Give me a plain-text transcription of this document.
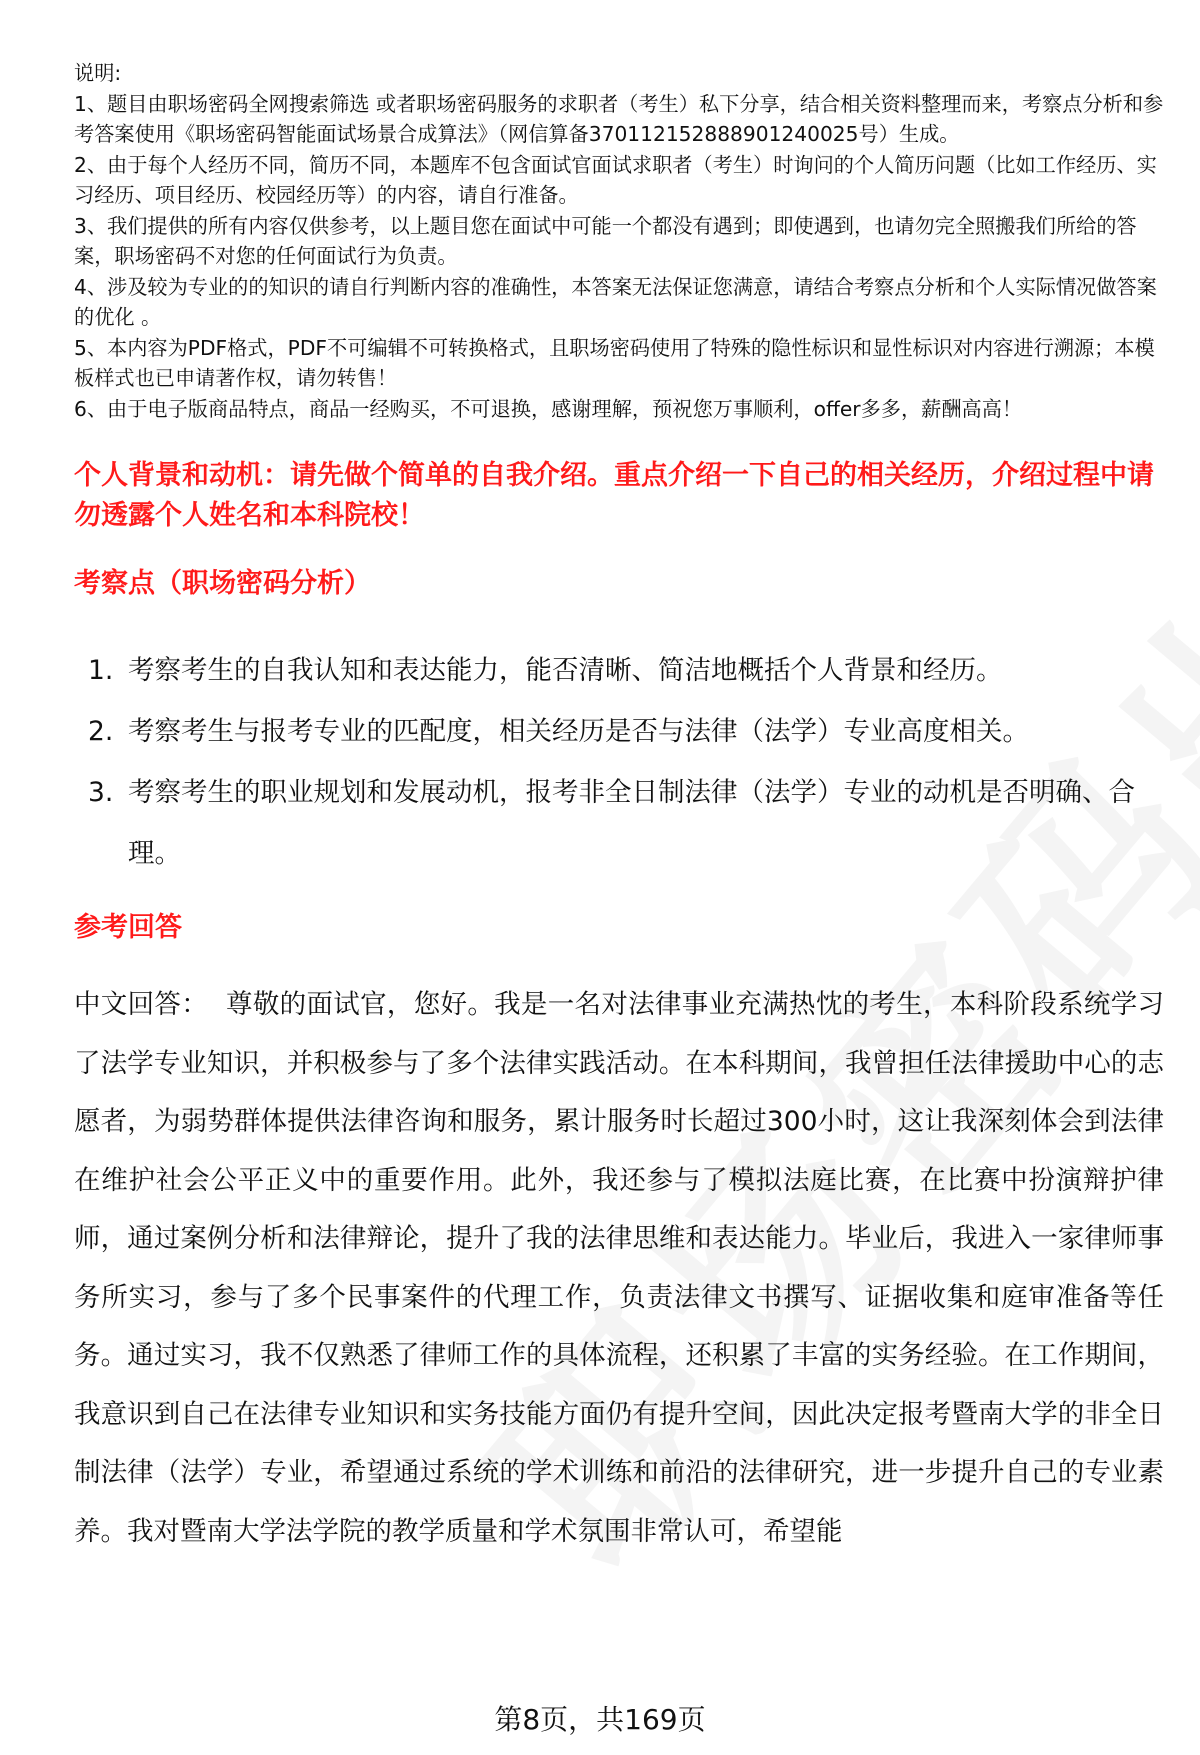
说明:

1、题目由职场密码全网搜索筛选 或者职场密码服务的求职者（考生）私下分享，结合相关资料整理而来，考察点分析和参考答案使用《职场密码智能面试场景合成算法》（网信算备370112152888901240025号）生成。

2、由于每个人经历不同，简历不同，本题库不包含面试官面试求职者（考生）时询问的个人简历问题（比如工作经历、实习经历、项目经历、校园经历等）的内容，请自行准备。

3、我们提供的所有内容仅供参考，以上题目您在面试中可能一个都没有遇到；即使遇到，也请勿完全照搬我们所给的答案，职场密码不对您的任何面试行为负责。

4、涉及较为专业的的知识的请自行判断内容的准确性，本答案无法保证您满意，请结合考察点分析和个人实际情况做答案的优化 。

5、本内容为PDF格式，PDF不可编辑不可转换格式，且职场密码使用了特殊的隐性标识和显性标识对内容进行溯源；本模板样式也已申请著作权，请勿转售！

6、由于电子版商品特点，商品一经购买，不可退换，感谢理解，预祝您万事顺利，offer多多，薪酬高高！

个人背景和动机：请先做个简单的自我介绍。重点介绍一下自己的相关经历，介绍过程中请勿透露个人姓名和本科院校！
考察点（职场密码分析）
1. 考察考生的自我认知和表达能力，能否清晰、简洁地概括个人背景和经历。
2. 考察考生与报考专业的匹配度，相关经历是否与法律（法学）专业高度相关。
3. 考察考生的职业规划和发展动机，报考非全日制法律（法学）专业的动机是否明确、合理。
参考回答

中文回答： 尊敬的面试官，您好。我是一名对法律事业充满热忱的考生，本科阶段系统学习了法学专业知识，并积极参与了多个法律实践活动。在本科期间，我曾担任法律援助中心的志愿者，为弱势群体提供法律咨询和服务，累计服务时长超过300小时，这让我深刻体会到法律在维护社会公平正义中的重要作用。此外，我还参与了模拟法庭比赛，在比赛中扮演辩护律师，通过案例分析和法律辩论，提升了我的法律思维和表达能力。毕业后，我进入一家律师事务所实习，参与了多个民事案件的代理工作，负责法律文书撰写、证据收集和庭审准备等任务。通过实习，我不仅熟悉了律师工作的具体流程，还积累了丰富的实务经验。在工作期间，我意识到自己在法律专业知识和实务技能方面仍有提升空间，因此决定报考暨南大学的非全日制法律（法学）专业，希望通过系统的学术训练和前沿的法律研究，进一步提升自己的专业素养。我对暨南大学法学院的教学质量和学术氛围非常认可，希望能

第8页，共169页
